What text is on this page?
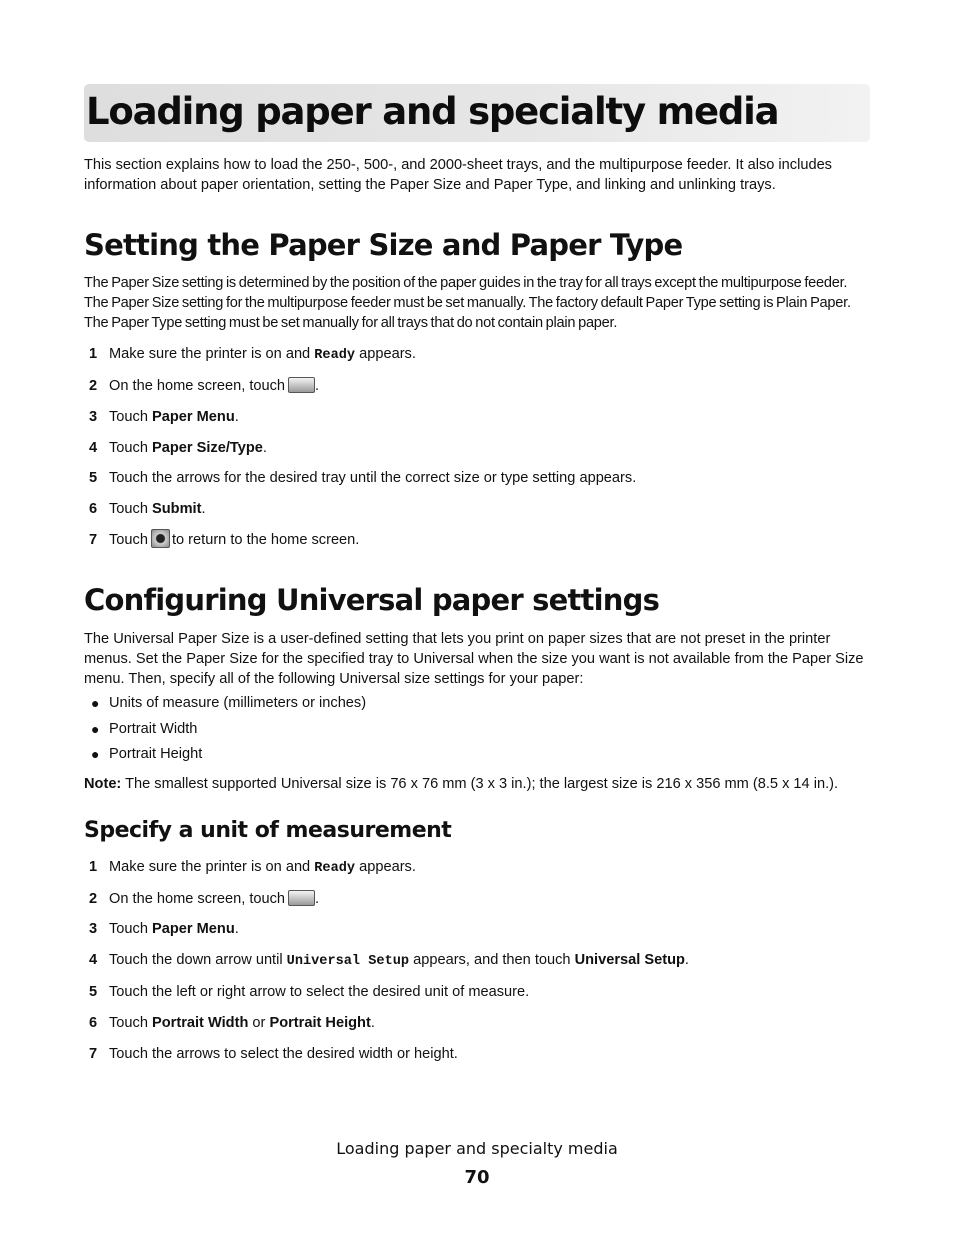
Loading paper and specialty media

This section explains how to load the 250-, 500-, and 2000-sheet trays, and the multipurpose feeder. It also includes information about paper orientation, setting the Paper Size and Paper Type, and linking and unlinking trays.

Setting the Paper Size and Paper Type

The Paper Size setting is determined by the position of the paper guides in the tray for all trays except the multipurpose feeder. The Paper Size setting for the multipurpose feeder must be set manually. The factory default Paper Type setting is Plain Paper. The Paper Type setting must be set manually for all trays that do not contain plain paper.

1 Make sure the printer is on and Ready appears.
2 On the home screen, touch .
3 Touch Paper Menu.
4 Touch Paper Size/Type.
5 Touch the arrows for the desired tray until the correct size or type setting appears.
6 Touch Submit.
7 Touch to return to the home screen.
Configuring Universal paper settings

The Universal Paper Size is a user-defined setting that lets you print on paper sizes that are not preset in the printer menus. Set the Paper Size for the specified tray to Universal when the size you want is not available from the Paper Size menu. Then, specify all of the following Universal size settings for your paper:

● Units of measure (millimeters or inches)
● Portrait Width
● Portrait Height

Note: The smallest supported Universal size is 76 x 76 mm (3 x 3 in.); the largest size is 216 x 356 mm (8.5 x 14 in.).

Specify a unit of measurement
1 Make sure the printer is on and Ready appears.
2 On the home screen, touch .
3 Touch Paper Menu.
4 Touch the down arrow until Universal Setup appears, and then touch Universal Setup.
5 Touch the left or right arrow to select the desired unit of measure.
6 Touch Portrait Width or Portrait Height.
7 Touch the arrows to select the desired width or height.
Loading paper and specialty media
70
